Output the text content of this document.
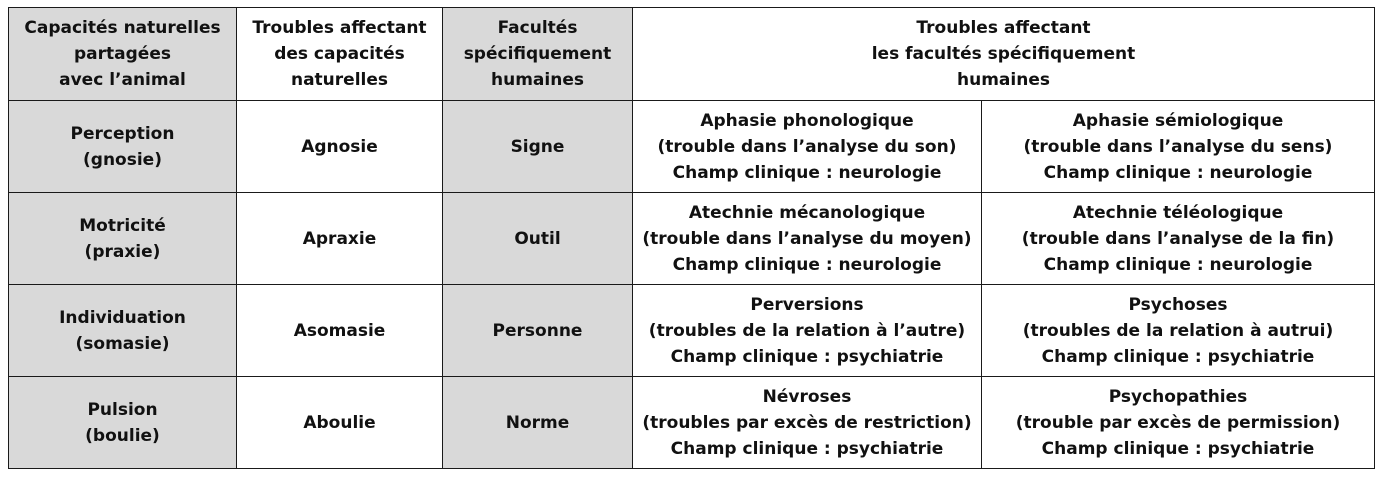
Capacités naturelles
partagées
avec l’animal	Troubles affectant
des capacités
naturelles	Facultés
spécifiquement
humaines	Troubles affectant
les facultés spécifiquement
humaines	

Perception
(gnosie)	Agnosie	Signe	Aphasie phonologique
(trouble dans l’analyse du son)
Champ clinique : neurologie	Aphasie sémiologique
(trouble dans l’analyse du sens)
Champ clinique : neurologie

Motricité
(praxie)	Apraxie	Outil	Atechnie mécanologique
(trouble dans l’analyse du moyen)
Champ clinique : neurologie	Atechnie téléologique
(trouble dans l’analyse de la fin)
Champ clinique : neurologie

Individuation
(somasie)	Asomasie	Personne	Perversions
(troubles de la relation à l’autre)
Champ clinique : psychiatrie	Psychoses
(troubles de la relation à autrui)
Champ clinique : psychiatrie

Pulsion
(boulie)	Aboulie	Norme	Névroses
(troubles par excès de restriction)
Champ clinique : psychiatrie	Psychopathies
(trouble par excès de permission)
Champ clinique : psychiatrie
